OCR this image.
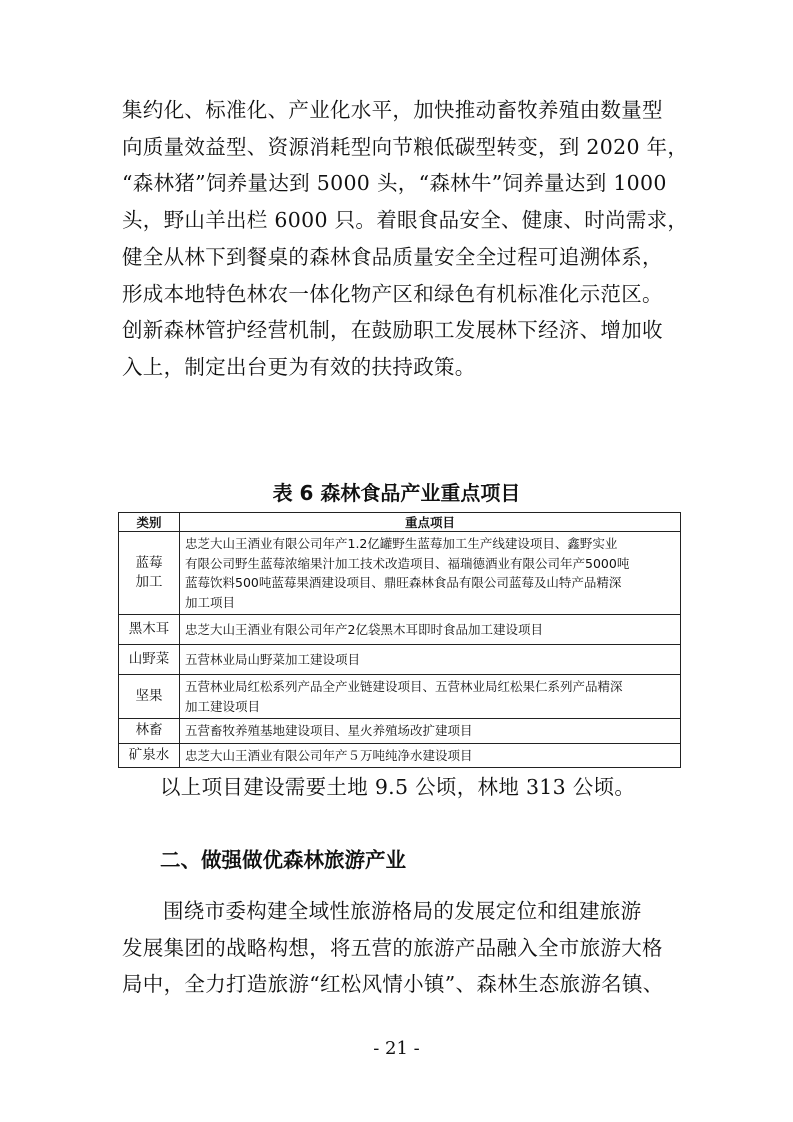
集约化、标准化、产业化水平，加快推动畜牧养殖由数量型
向质量效益型、资源消耗型向节粮低碳型转变，到 2020 年，
“森林猪”饲养量达到 5000 头，“森林牛”饲养量达到 1000
头，野山羊出栏 6000 只。着眼食品安全、健康、时尚需求，
健全从林下到餐桌的森林食品质量安全全过程可追溯体系，
形成本地特色林农一体化物产区和绿色有机标准化示范区。
创新森林管护经营机制，在鼓励职工发展林下经济、增加收
入上，制定出台更为有效的扶持政策。
表 6 森林食品产业重点项目
类别	重点项目
蓝莓
加工	忠芝大山王酒业有限公司年产1.2亿罐野生蓝莓加工生产线建设项目、鑫野实业
有限公司野生蓝莓浓缩果汁加工技术改造项目、福瑞德酒业有限公司年产5000吨
蓝莓饮料500吨蓝莓果酒建设项目、鼎旺森林食品有限公司蓝莓及山特产品精深
加工项目
黑木耳	忠芝大山王酒业有限公司年产2亿袋黑木耳即时食品加工建设项目
山野菜	五营林业局山野菜加工建设项目
坚果	五营林业局红松系列产品全产业链建设项目、五营林业局红松果仁系列产品精深
加工建设项目
林畜	五营畜牧养殖基地建设项目、星火养殖场改扩建项目
矿泉水	忠芝大山王酒业有限公司年产５万吨纯净水建设项目
以上项目建设需要土地 9.5 公顷，林地 313 公顷。
二、做强做优森林旅游产业
围绕市委构建全域性旅游格局的发展定位和组建旅游
发展集团的战略构想，将五营的旅游产品融入全市旅游大格
局中，全力打造旅游“红松风情小镇”、森林生态旅游名镇、
- 21 -
